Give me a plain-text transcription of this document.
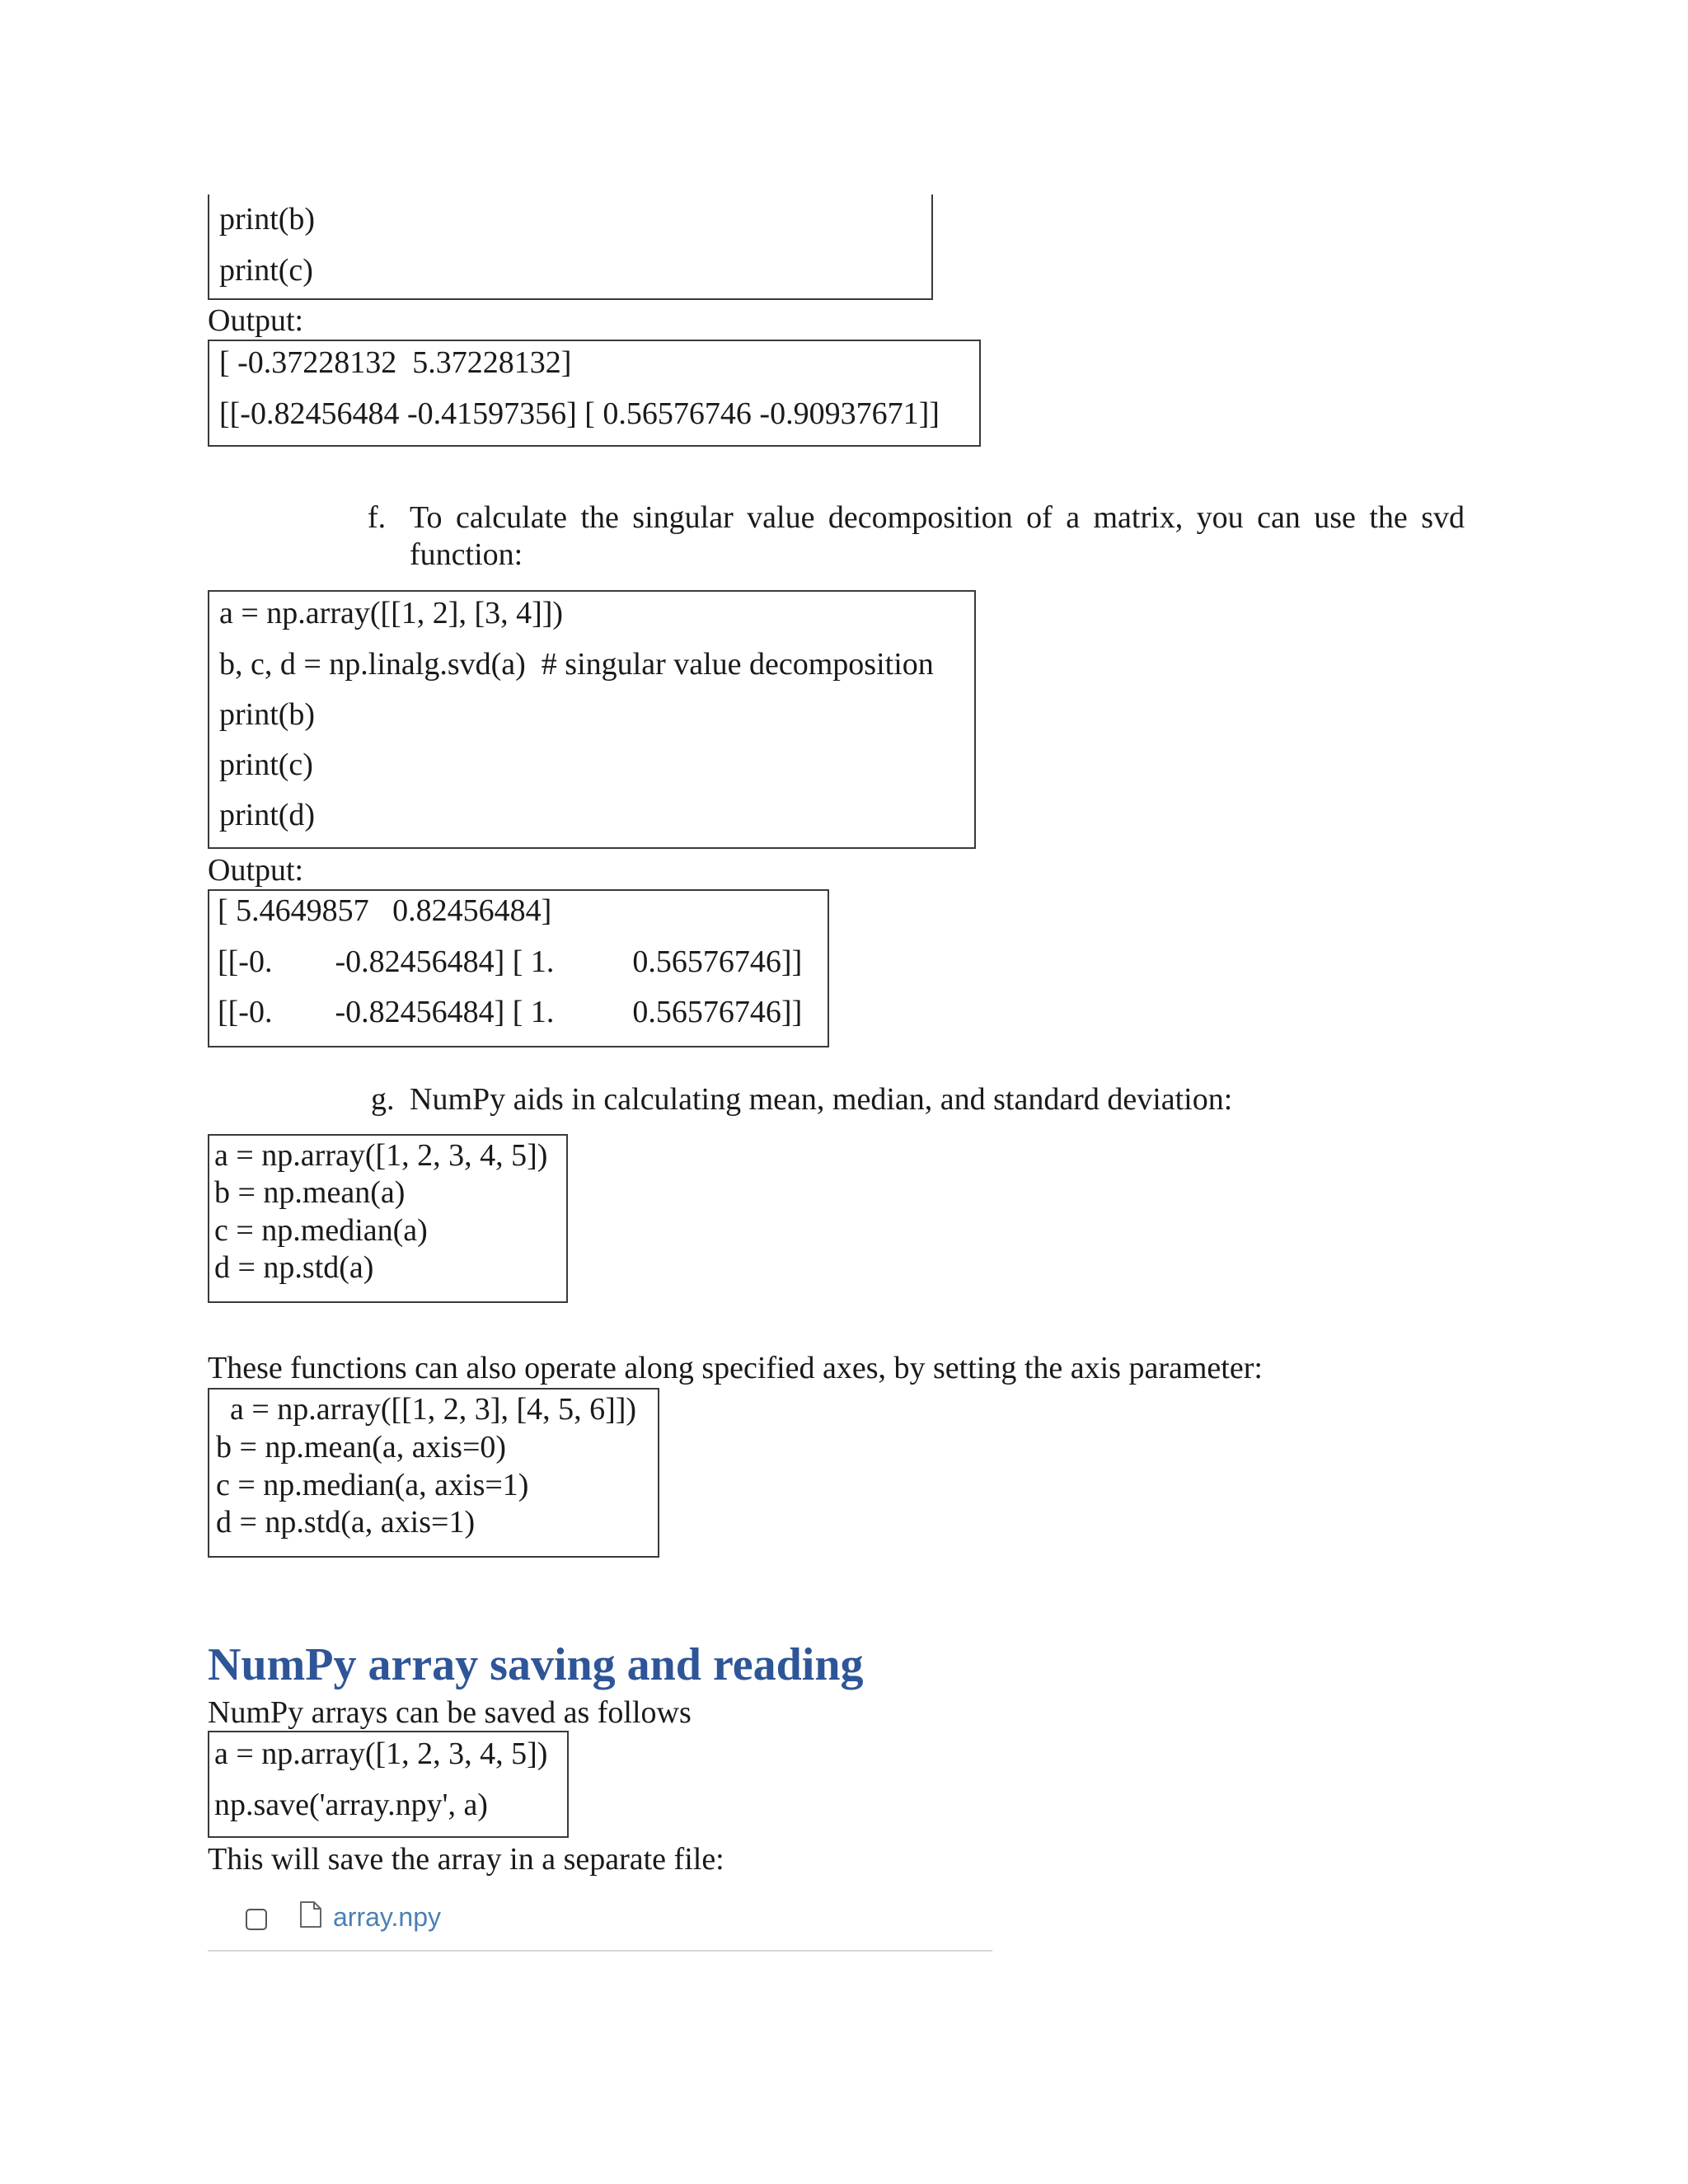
print(b)
print(c)
Output:
[ -0.37228132  5.37228132]
[[-0.82456484 -0.41597356] [ 0.56576746 -0.90937671]]
f. To calculate the singular value decomposition of a matrix, you can use the svd function:
a = np.array([[1, 2], [3, 4]])
b, c, d = np.linalg.svd(a)  # singular value decomposition
print(b)
print(c)
print(d)
Output:
[ 5.4649857   0.82456484]
[[-0.        -0.82456484] [ 1.          0.56576746]]
[[-0.        -0.82456484] [ 1.          0.56576746]]
g. NumPy aids in calculating mean, median, and standard deviation:
a = np.array([1, 2, 3, 4, 5])
b = np.mean(a)
c = np.median(a)
d = np.std(a)
These functions can also operate along specified axes, by setting the axis parameter:
a = np.array([[1, 2, 3], [4, 5, 6]])
b = np.mean(a, axis=0)
c = np.median(a, axis=1)
d = np.std(a, axis=1)
NumPy array saving and reading
NumPy arrays can be saved as follows
a = np.array([1, 2, 3, 4, 5])
np.save('array.npy', a)
This will save the array in a separate file:
array.npy
